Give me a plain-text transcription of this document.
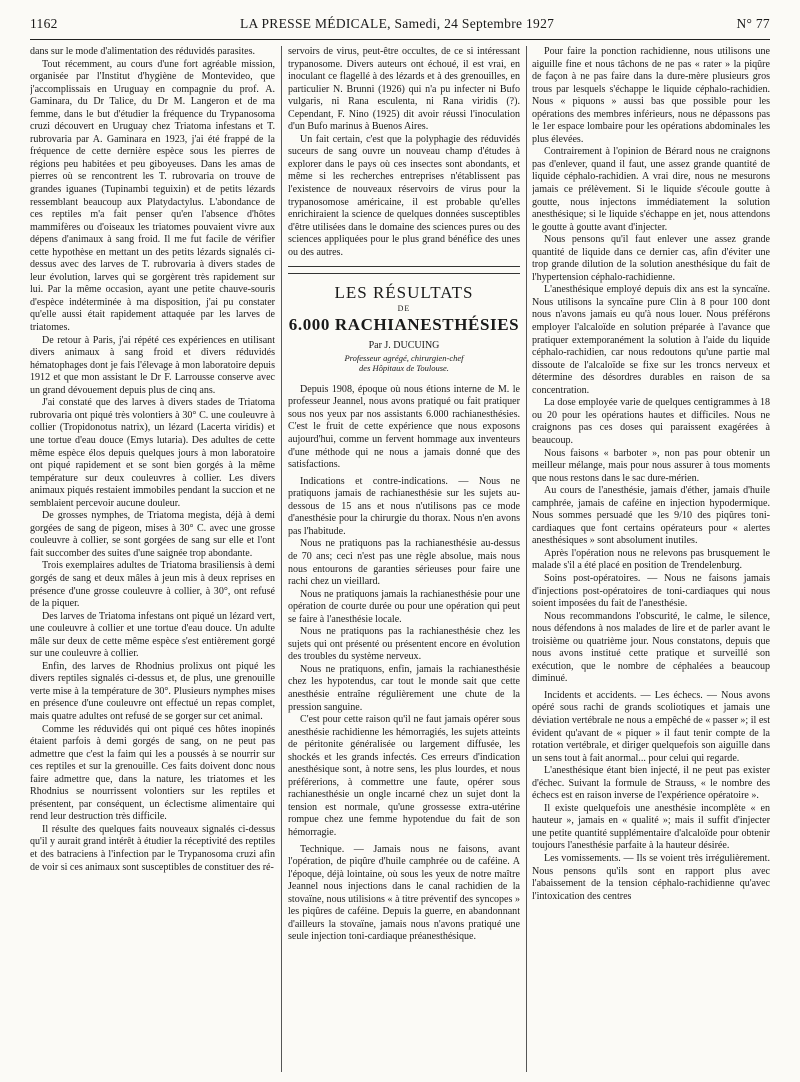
1162	LA PRESSE MÉDICALE, Samedi, 24 Septembre 1927	N° 77

dans sur le mode d'alimentation des réduvidés parasites.

Tout récemment, au cours d'une fort agréable mission, organisée par l'Institut d'hygiène de Montevideo, que j'accomplissais en Uruguay en compagnie du prof. A. Gaminara, du Dr Talice, du Dr M. Langeron et de ma femme, dans le but d'étudier la fréquence du Trypanosoma cruzi découvert en Uruguay chez Triatoma infestans et T. rubrovaria par A. Gaminara en 1923, j'ai été frappé de la fréquence de cette dernière espèce sous les pierres de régions peu habitées et peu giboyeuses. Dans les amas de pierres où se rencontrent les T. rubrovaria on trouve de grandes iguanes (Tupinambi teguixin) et de petits lézards ressemblant beaucoup aux Platydactylus. L'abondance de ces reptiles m'a fait penser qu'en l'absence d'hôtes mammifères ou d'oiseaux les triatomes pouvaient vivre aux dépens d'animaux à sang froid. Il me fut facile de vérifier cette hypothèse en mettant un des petits lézards signalés ci-dessus avec des larves de T. rubrovaria à divers stades de leur évolution, larves qui se gorgèrent très rapidement sur lui. Par la même occasion, ayant une petite chauve-souris d'espèce indéterminée à ma disposition, j'ai pu constater qu'elle aussi était rapidement attaquée par les larves de triatomes.

De retour à Paris, j'ai répété ces expériences en utilisant divers animaux à sang froid et divers réduvidés hématophages dont je fais l'élevage à mon laboratoire depuis 1912 et que mon assistant le Dr F. Larrousse conserve avec un grand dévouement depuis plus de cinq ans.

J'ai constaté que des larves à divers stades de Triatoma rubrovaria ont piqué très volontiers à 30° C. une couleuvre à collier (Tropidonotus natrix), un lézard (Lacerta viridis) et une tortue d'eau douce (Emys lutaria). Des adultes de cette même espèce élos depuis quelques jours à mon laboratoire ont piqué rapidement et se sont bien gorgés à la même température sur deux couleuvres à collier. Les divers animaux piqués restaient immobiles pendant la succion et ne semblaient percevoir aucune douleur.

De grosses nymphes, de Triatoma megista, déjà à demi gorgées de sang de pigeon, mises à 30° C. avec une grosse couleuvre à collier, se sont gorgées de sang sur elle et l'ont fait succomber des suites d'une saignée trop abondante.

Trois exemplaires adultes de Triatoma brasiliensis à demi gorgés de sang et deux mâles à jeun mis à deux reprises en présence d'une grosse couleuvre à collier, à 30°, ont refusé de la piquer.

Des larves de Triatoma infestans ont piqué un lézard vert, une couleuvre à collier et une tortue d'eau douce. Un adulte mâle sur deux de cette même espèce s'est entièrement gorgé sur une couleuvre à collier.

Enfin, des larves de Rhodnius prolixus ont piqué les divers reptiles signalés ci-dessus et, de plus, une grenouille verte mise à la température de 30°. Plusieurs nymphes mises en présence d'une couleuvre ont effectué un repas complet, mais quatre adultes ont refusé de se gorger sur cet animal.

Comme les réduvidés qui ont piqué ces hôtes inopinés étaient parfois à demi gorgés de sang, on ne peut pas admettre que c'est la faim qui les a poussés à se nourrir sur ces reptiles et sur la grenouille. Ces faits doivent donc nous faire admettre que, dans la nature, les triatomes et les Rhodnius se nourrissent volontiers sur les reptiles et présentent, par conséquent, un éclectisme alimentaire qui rend leur destruction très difficile.

Il résulte des quelques faits nouveaux signalés ci-dessus qu'il y aurait grand intérêt à étudier la réceptivité des reptiles et des batraciens à l'infection par le Trypanosoma cruzi afin de voir si ces animaux sont susceptibles de constituer des ré-

servoirs de virus, peut-être occultes, de ce si intéressant trypanosome. Divers auteurs ont échoué, il est vrai, en inoculant ce flagellé à des lézards et à des grenouilles, en particulier N. Brunni (1926) qui n'a pu infecter ni Bufo vulgaris, ni Rana esculenta, ni Rana viridis (?). Cependant, F. Nino (1925) dit avoir réussi l'inoculation d'un Bufo marinus à Buenos Aires.

Un fait certain, c'est que la polyphagie des réduvidés suceurs de sang ouvre un nouveau champ d'études à explorer dans le pays où ces insectes sont abondants, et même si les recherches entreprises n'établissent pas l'existence de nouveaux réservoirs de virus pour la trypanosomose américaine, il est probable qu'elles enrichiraient la science de quelques données susceptibles d'être utilisées dans le domaine des sciences pures ou des sciences appliquées pour le plus grand bénéfice des unes ou des autres.

LES RÉSULTATS
DE
6.000 RACHIANESTHÉSIES
Par J. DUCUING
Professeur agrégé, chirurgien-chef
des Hôpitaux de Toulouse.

Depuis 1908, époque où nous étions interne de M. le professeur Jeannel, nous avons pratiqué ou fait pratiquer sous nos yeux par nos assistants 6.000 rachianesthésies. C'est le fruit de cette expérience que nous exposons aujourd'hui, comme un fervent hommage aux inventeurs d'une méthode qui ne nous a jamais donné que des satisfactions.

Indications et contre-indications. — Nous ne pratiquons jamais de rachianesthésie sur les sujets au-dessous de 15 ans et nous n'utilisons pas ce mode d'anesthésie pour la chirurgie du thorax. Nous n'en avons pas l'habitude.

Nous ne pratiquons pas la rachianesthésie au-dessus de 70 ans; ceci n'est pas une règle absolue, mais nous nous entourons de garanties sérieuses pour faire une rachi chez un vieillard.

Nous ne pratiquons jamais la rachianesthésie pour une opération de courte durée ou pour une opération qui peut se faire à l'anesthésie locale.

Nous ne pratiquons pas la rachianesthésie chez les sujets qui ont présenté ou présentent encore en évolution des troubles du système nerveux.

Nous ne pratiquons, enfin, jamais la rachianesthésie chez les hypotendus, car tout le monde sait que cette anesthésie entraîne régulièrement une chute de la pression sanguine.

C'est pour cette raison qu'il ne faut jamais opérer sous anesthésie rachidienne les hémorragiés, les sujets atteints de péritonite généralisée ou largement diffusée, les shockés et les grands infectés. Ces erreurs d'indication anesthésique sont, à notre sens, les plus lourdes, et nous préférerions, à commettre une faute, opérer sous rachianesthésie un ongle incarné chez un sujet dont la tension est normale, qu'une grossesse extra-utérine rompue chez une femme hypotendue du fait de son hémorragie.

Technique. — Jamais nous ne faisons, avant l'opération, de piqûre d'huile camphrée ou de caféine. A l'époque, déjà lointaine, où sous les yeux de notre maître Jeannel nous injections dans le canal rachidien de la stovaïne, nous utilisions « à titre préventif des syncopes » les piqûres de caféine. Depuis la guerre, en abandonnant d'ailleurs la stovaïne, jamais nous n'avons pratiqué une seule injection toni-cardiaque préanesthésique.

Pour faire la ponction rachidienne, nous utilisons une aiguille fine et nous tâchons de ne pas « rater » la piqûre de façon à ne pas faire dans la dure-mère plusieurs gros trous par lesquels s'échappe le liquide céphalo-rachidien. Nous « piquons » aussi bas que possible pour les opérations des membres inférieurs, nous ne dépassons pas le 1er espace lombaire pour les opérations abdominales les plus élevées.

Contrairement à l'opinion de Bérard nous ne craignons pas d'enlever, quand il faut, une assez grande quantité de liquide céphalo-rachidien. A vrai dire, nous ne mesurons jamais ce prélèvement. Si le liquide s'écoule goutte à goutte, nous injectons immédiatement la solution anesthésique; si le liquide s'échappe en jet, nous attendons le goutte à goutte avant d'injecter.

Nous pensons qu'il faut enlever une assez grande quantité de liquide dans ce dernier cas, afin d'éviter une trop grande dilution de la solution anesthésique du fait de l'hypertension céphalo-rachidienne.

L'anesthésique employé depuis dix ans est la syncaïne. Nous utilisons la syncaïne pure Clin à 8 pour 100 dont nous n'avons jamais eu qu'à nous louer. Nous préférons employer l'alcaloïde en solution préparée à l'avance que pratiquer extemporanément la solution à l'aide du liquide céphalo-rachidien, car nous redoutons qu'une partie mal dissoute de l'alcaloïde se fixe sur les troncs nerveux et détermine des désordres durables en raison de sa concentration.

La dose employée varie de quelques centigrammes à 18 ou 20 pour les opérations hautes et difficiles. Nous ne craignons pas ces doses qui paraissent exagérées à beaucoup.

Nous faisons « barboter », non pas pour obtenir un meilleur mélange, mais pour nous assurer à tous moments que nous restons dans le sac dure-mérien.

Au cours de l'anesthésie, jamais d'éther, jamais d'huile camphrée, jamais de caféine en injection hypodermique. Nous sommes persuadé que les 9/10 des piqûres toni-cardiaques que font certains opérateurs pour « alertes anesthésiques » sont absolument inutiles.

Après l'opération nous ne relevons pas brusquement le malade s'il a été placé en position de Trendelenburg.

Soins post-opératoires. — Nous ne faisons jamais d'injections post-opératoires de toni-cardiaques qui nous soient imposées du fait de l'anesthésie.

Nous recommandons l'obscurité, le calme, le silence, nous défendons à nos malades de lire et de parler avant le troisième ou quatrième jour. Nous constatons, depuis que nous avons institué cette pratique et surveillé son exécution, que le nombre de céphalées a beaucoup diminué.

Incidents et accidents. — Les échecs. — Nous avons opéré sous rachi de grands scoliotiques et jamais une déviation vertébrale ne nous a empêché de « passer »; il est évident qu'avant de « piquer » il faut tenir compte de la rotation vertébrale, et diriger quelquefois son aiguille dans un sens tout à fait anormal... pour celui qui regarde.

L'anesthésique étant bien injecté, il ne peut pas exister d'échec. Suivant la formule de Strauss, « le nombre des échecs est en raison inverse de l'expérience opératoire ».

Il existe quelquefois une anesthésie incomplète « en hauteur », jamais en « qualité »; mais il suffit d'injecter une petite quantité supplémentaire d'alcaloïde pour obtenir toujours l'anesthésie parfaite à la hauteur désirée.

Les vomissements. — Ils se voient très irrégulièrement. Nous pensons qu'ils sont en rapport plus avec l'abaissement de la tension céphalo-rachidienne qu'avec l'intoxication des centres
